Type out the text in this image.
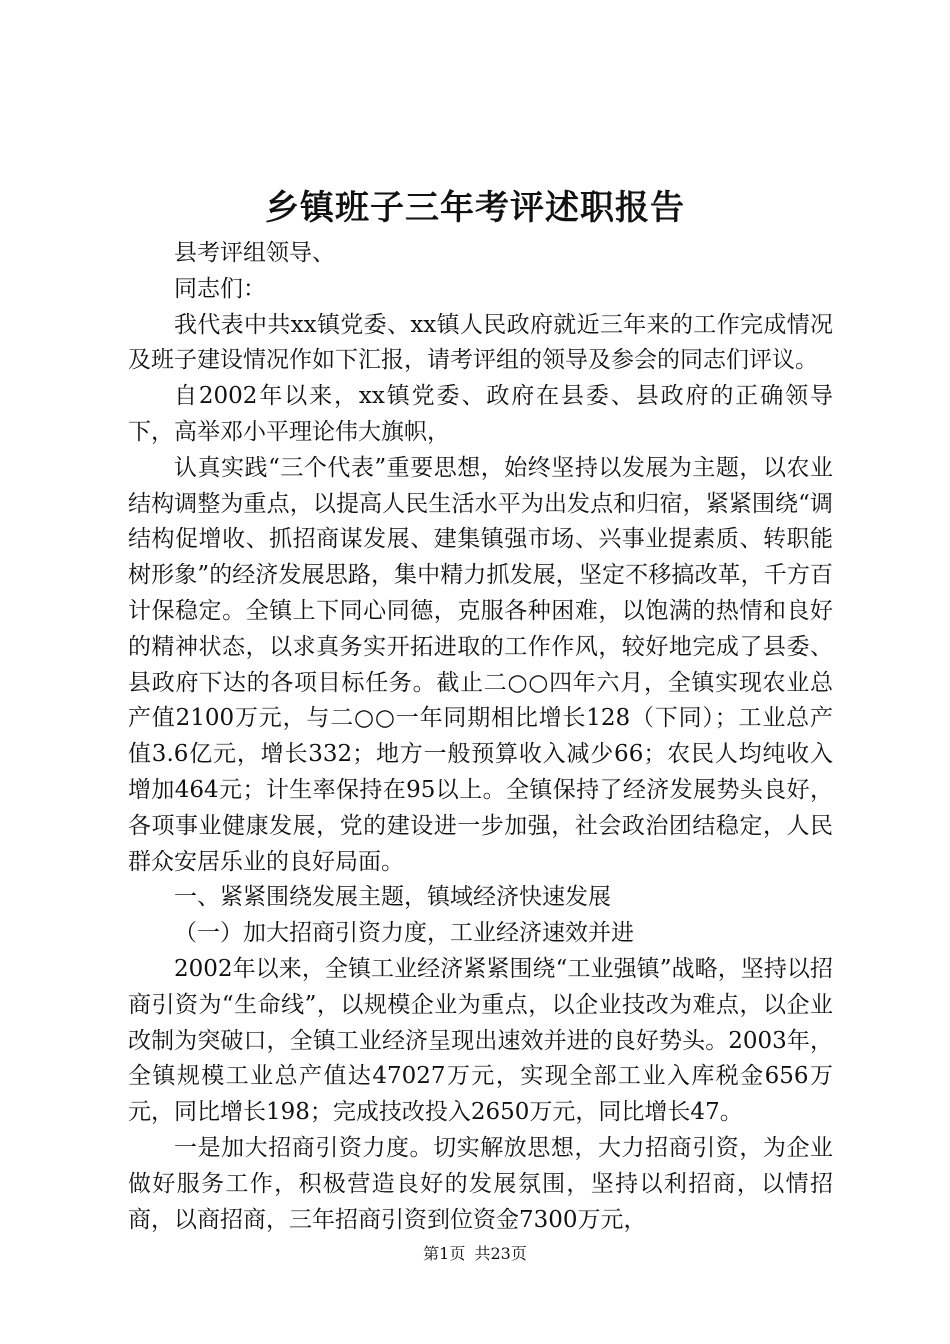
乡镇班子三年考评述职报告

县考评组领导、

同志们：

我代表中共xx镇党委、xx镇人民政府就近三年来的工作完成情况及班子建设情况作如下汇报，请考评组的领导及参会的同志们评议。

自2002年以来，xx镇党委、政府在县委、县政府的正确领导下，高举邓小平理论伟大旗帜，

认真实践“三个代表”重要思想，始终坚持以发展为主题，以农业结构调整为重点，以提高人民生活水平为出发点和归宿，紧紧围绕“调结构促增收、抓招商谋发展、建集镇强市场、兴事业提素质、转职能树形象”的经济发展思路，集中精力抓发展，坚定不移搞改革，千方百计保稳定。全镇上下同心同德，克服各种困难，以饱满的热情和良好的精神状态，以求真务实开拓进取的工作作风，较好地完成了县委、县政府下达的各项目标任务。截止二○○四年六月，全镇实现农业总产值2100万元，与二○○一年同期相比增长128（下同）；工业总产值3.6亿元，增长332；地方一般预算收入减少66；农民人均纯收入增加464元；计生率保持在95以上。全镇保持了经济发展势头良好，各项事业健康发展，党的建设进一步加强，社会政治团结稳定，人民群众安居乐业的良好局面。

一、紧紧围绕发展主题，镇域经济快速发展

（一）加大招商引资力度，工业经济速效并进

2002年以来，全镇工业经济紧紧围绕“工业强镇”战略，坚持以招商引资为“生命线”，以规模企业为重点，以企业技改为难点，以企业改制为突破口，全镇工业经济呈现出速效并进的良好势头。2003年，全镇规模工业总产值达47027万元，实现全部工业入库税金656万元，同比增长198；完成技改投入2650万元，同比增长47。

一是加大招商引资力度。切实解放思想，大力招商引资，为企业做好服务工作，积极营造良好的发展氛围，坚持以利招商，以情招商，以商招商，三年招商引资到位资金7300万元，

第1页 共23页
